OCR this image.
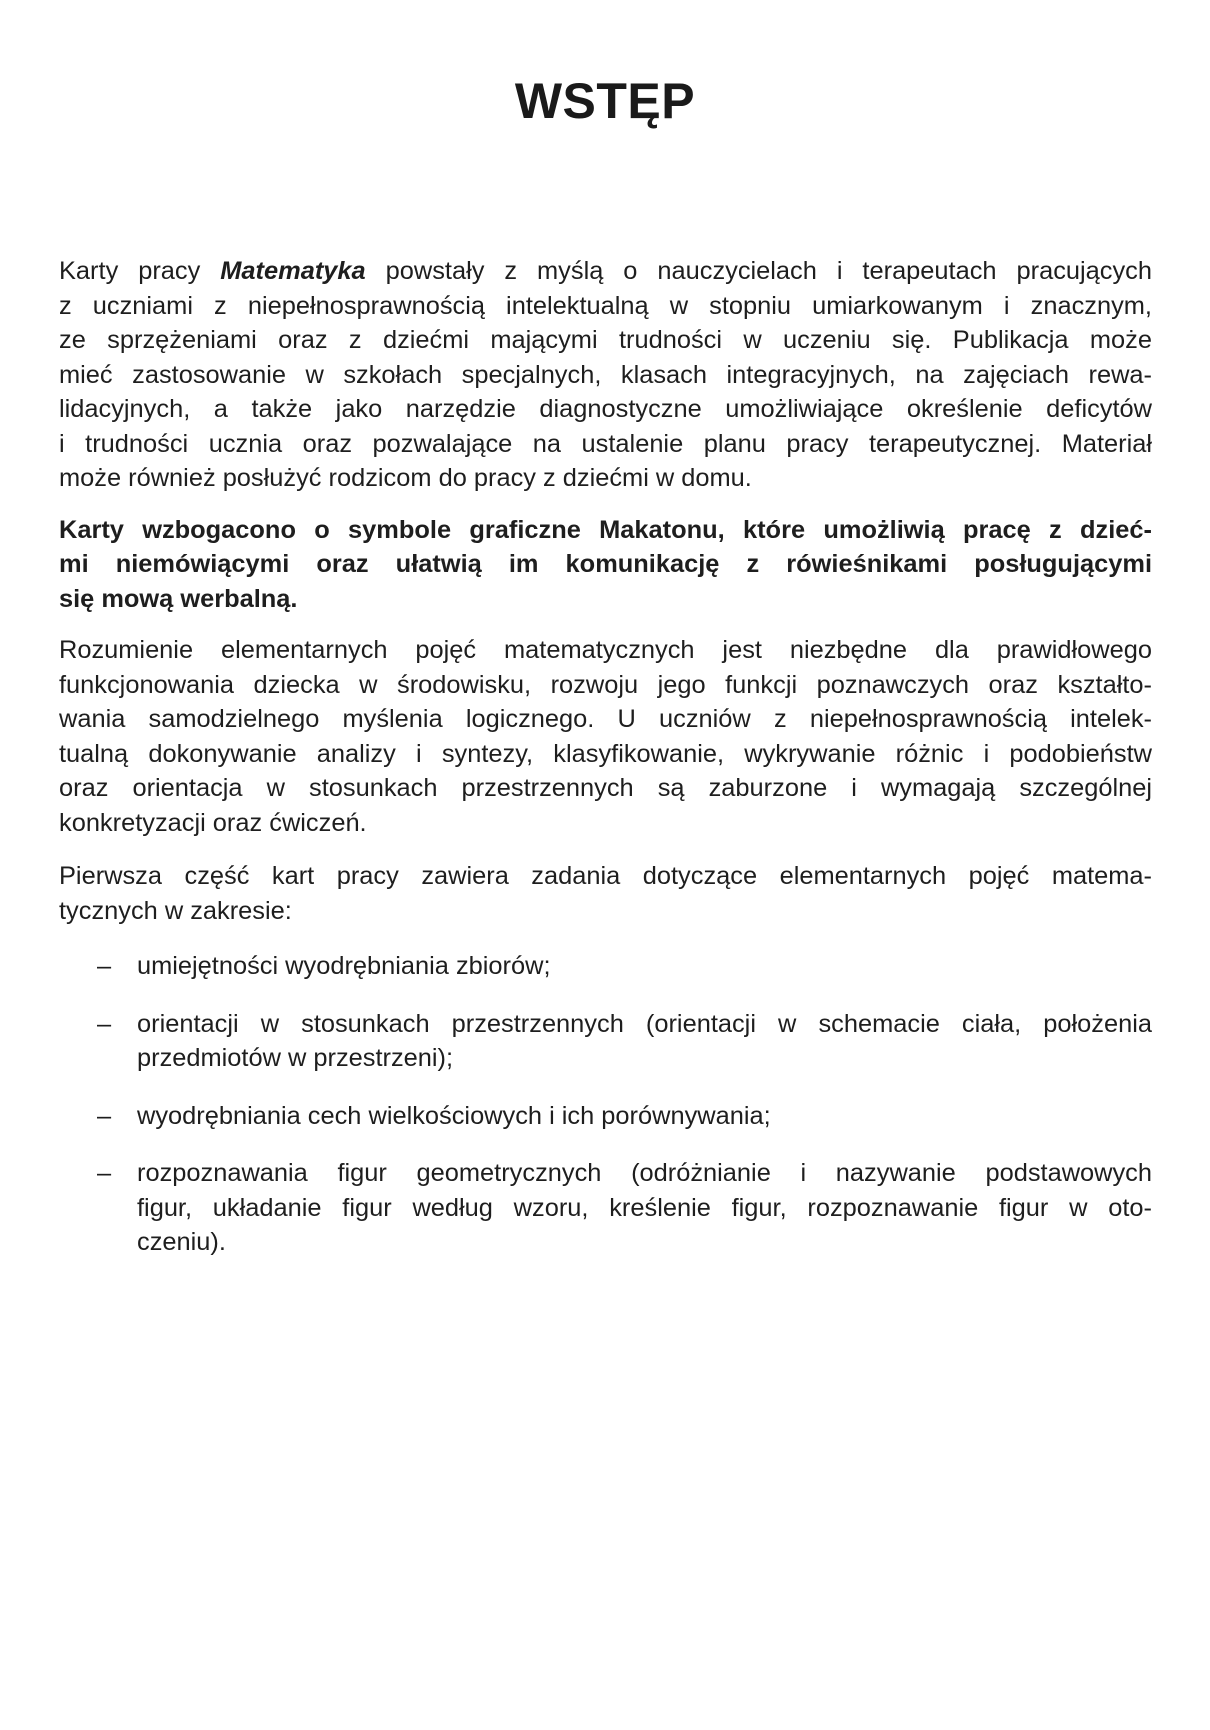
WSTĘP

Karty pracy Matematyka powstały z myślą o nauczycielach i terapeutach pracujących
z uczniami z niepełnosprawnością intelektualną w stopniu umiarkowanym i znacznym,
ze sprzężeniami oraz z dziećmi mającymi trudności w uczeniu się. Publikacja może
mieć zastosowanie w szkołach specjalnych, klasach integracyjnych, na zajęciach rewa-
lidacyjnych, a także jako narzędzie diagnostyczne umożliwiające określenie deficytów
i trudności ucznia oraz pozwalające na ustalenie planu pracy terapeutycznej. Materiał
może również posłużyć rodzicom do pracy z dziećmi w domu.

Karty wzbogacono o symbole graficzne Makatonu, które umożliwią pracę z dzieć-
mi niemówiącymi oraz ułatwią im komunikację z rówieśnikami posługującymi
się mową werbalną.

Rozumienie elementarnych pojęć matematycznych jest niezbędne dla prawidłowego
funkcjonowania dziecka w środowisku, rozwoju jego funkcji poznawczych oraz kształto-
wania samodzielnego myślenia logicznego. U uczniów z niepełnosprawnością intelek-
tualną dokonywanie analizy i syntezy, klasyfikowanie, wykrywanie różnic i podobieństw
oraz orientacja w stosunkach przestrzennych są zaburzone i wymagają szczególnej
konkretyzacji oraz ćwiczeń.

Pierwsza część kart pracy zawiera zadania dotyczące elementarnych pojęć matema-
tycznych w zakresie:

– umiejętności wyodrębniania zbiorów;
– orientacji w stosunkach przestrzennych (orientacji w schemacie ciała, położenia
przedmiotów w przestrzeni);
– wyodrębniania cech wielkościowych i ich porównywania;
– rozpoznawania figur geometrycznych (odróżnianie i nazywanie podstawowych
figur, układanie figur według wzoru, kreślenie figur, rozpoznawanie figur w oto-
czeniu).
